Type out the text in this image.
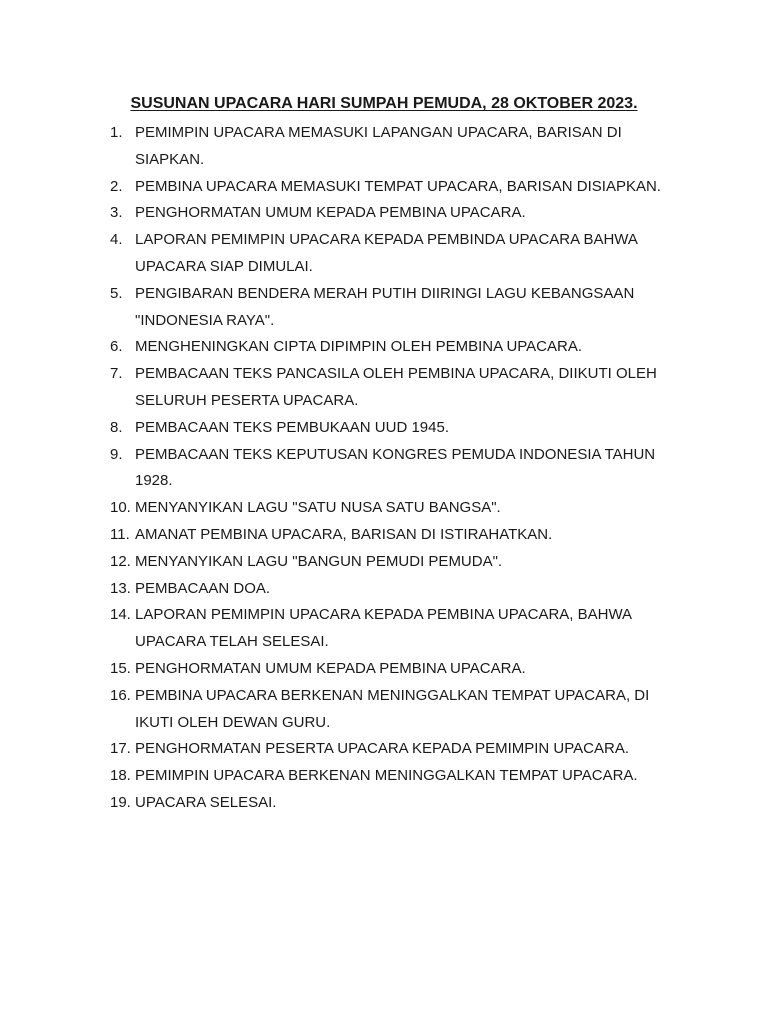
SUSUNAN UPACARA HARI SUMPAH PEMUDA, 28 OKTOBER 2023.
1. PEMIMPIN UPACARA MEMASUKI LAPANGAN UPACARA, BARISAN DI
SIAPKAN.
2. PEMBINA UPACARA MEMASUKI TEMPAT UPACARA, BARISAN DISIAPKAN.
3. PENGHORMATAN UMUM KEPADA PEMBINA UPACARA.
4. LAPORAN PEMIMPIN UPACARA KEPADA PEMBINDA UPACARA BAHWA
UPACARA SIAP DIMULAI.
5. PENGIBARAN BENDERA MERAH PUTIH DIIRINGI LAGU KEBANGSAAN
"INDONESIA RAYA".
6. MENGHENINGKAN CIPTA DIPIMPIN OLEH PEMBINA UPACARA.
7. PEMBACAAN TEKS PANCASILA OLEH PEMBINA UPACARA, DIIKUTI OLEH
SELURUH PESERTA UPACARA.
8. PEMBACAAN TEKS PEMBUKAAN UUD 1945.
9. PEMBACAAN TEKS KEPUTUSAN KONGRES PEMUDA INDONESIA TAHUN
1928.
10. MENYANYIKAN LAGU "SATU NUSA SATU BANGSA".
11. AMANAT PEMBINA UPACARA, BARISAN DI ISTIRAHATKAN.
12. MENYANYIKAN LAGU "BANGUN PEMUDI PEMUDA".
13. PEMBACAAN DOA.
14. LAPORAN PEMIMPIN UPACARA KEPADA PEMBINA UPACARA, BAHWA
UPACARA TELAH SELESAI.
15. PENGHORMATAN UMUM KEPADA PEMBINA UPACARA.
16. PEMBINA UPACARA BERKENAN MENINGGALKAN TEMPAT UPACARA, DI
IKUTI OLEH DEWAN GURU.
17. PENGHORMATAN PESERTA UPACARA KEPADA PEMIMPIN UPACARA.
18. PEMIMPIN UPACARA BERKENAN MENINGGALKAN TEMPAT UPACARA.
19. UPACARA SELESAI.
